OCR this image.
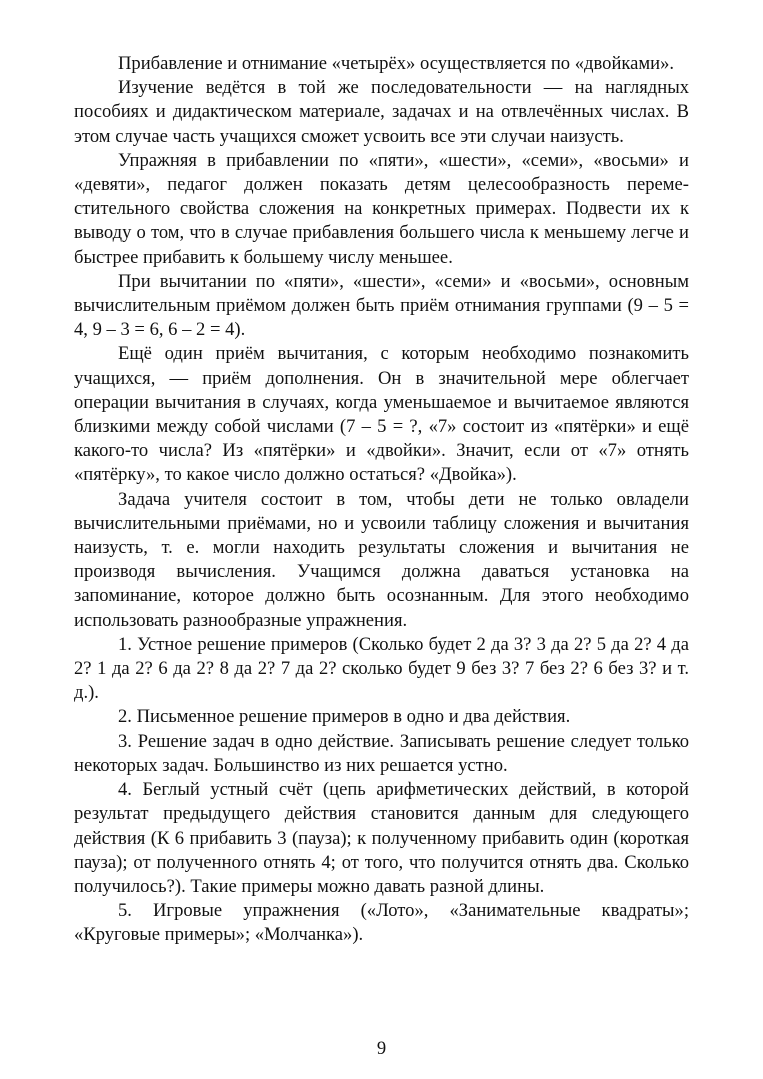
Прибавление и отнимание «четырёх» осуществляется по «двойками».

Изучение ведётся в той же последовательности — на наглядных пособиях и дидактическом материале, задачах и на отвлечённых числах. В этом случае часть учащихся сможет усвоить все эти случаи наизусть.

Упражняя в прибавлении по «пяти», «шести», «семи», «восьми» и «девяти», педагог должен показать детям целесообразность переместительного свойства сложения на конкретных примерах. Подвести их к выводу о том, что в случае прибавления большего числа к меньшему легче и быстрее прибавить к большему числу меньшее.

При вычитании по «пяти», «шести», «семи» и «восьми», основным вычислительным приёмом должен быть приём отнимания группами (9 – 5 = 4, 9 – 3 = 6, 6 – 2 = 4).

Ещё один приём вычитания, с которым необходимо познакомить учащихся, — приём дополнения. Он в значительной мере облегчает операции вычитания в случаях, когда уменьшаемое и вычитаемое являются близкими между собой числами (7 – 5 = ?, «7» состоит из «пятёрки» и ещё какого-то числа? Из «пятёрки» и «двойки». Значит, если от «7» отнять «пятёрку», то какое число должно остаться? «Двойка»).

Задача учителя состоит в том, чтобы дети не только овладели вычислительными приёмами, но и усвоили таблицу сложения и вычитания наизусть, т. е. могли находить результаты сложения и вычитания не производя вычисления. Учащимся должна даваться установка на запоминание, которое должно быть осознанным. Для этого необходимо использовать разнообразные упражнения.

1. Устное решение примеров (Сколько будет 2 да 3? 3 да 2? 5 да 2? 4 да 2? 1 да 2? 6 да 2? 8 да 2? 7 да 2? сколько будет 9 без 3? 7 без 2? 6 без 3? и т. д.).

2. Письменное решение примеров в одно и два действия.

3. Решение задач в одно действие. Записывать решение следует только некоторых задач. Большинство из них решается устно.

4. Беглый устный счёт (цепь арифметических действий, в которой результат предыдущего действия становится данным для следующего действия (К 6 прибавить 3 (пауза); к полученному прибавить один (короткая пауза); от полученного отнять 4; от того, что получится отнять два. Сколько получилось?). Такие примеры можно давать разной длины.

5. Игровые упражнения («Лото», «Занимательные квадраты»; «Круговые примеры»; «Молчанка»).

9
